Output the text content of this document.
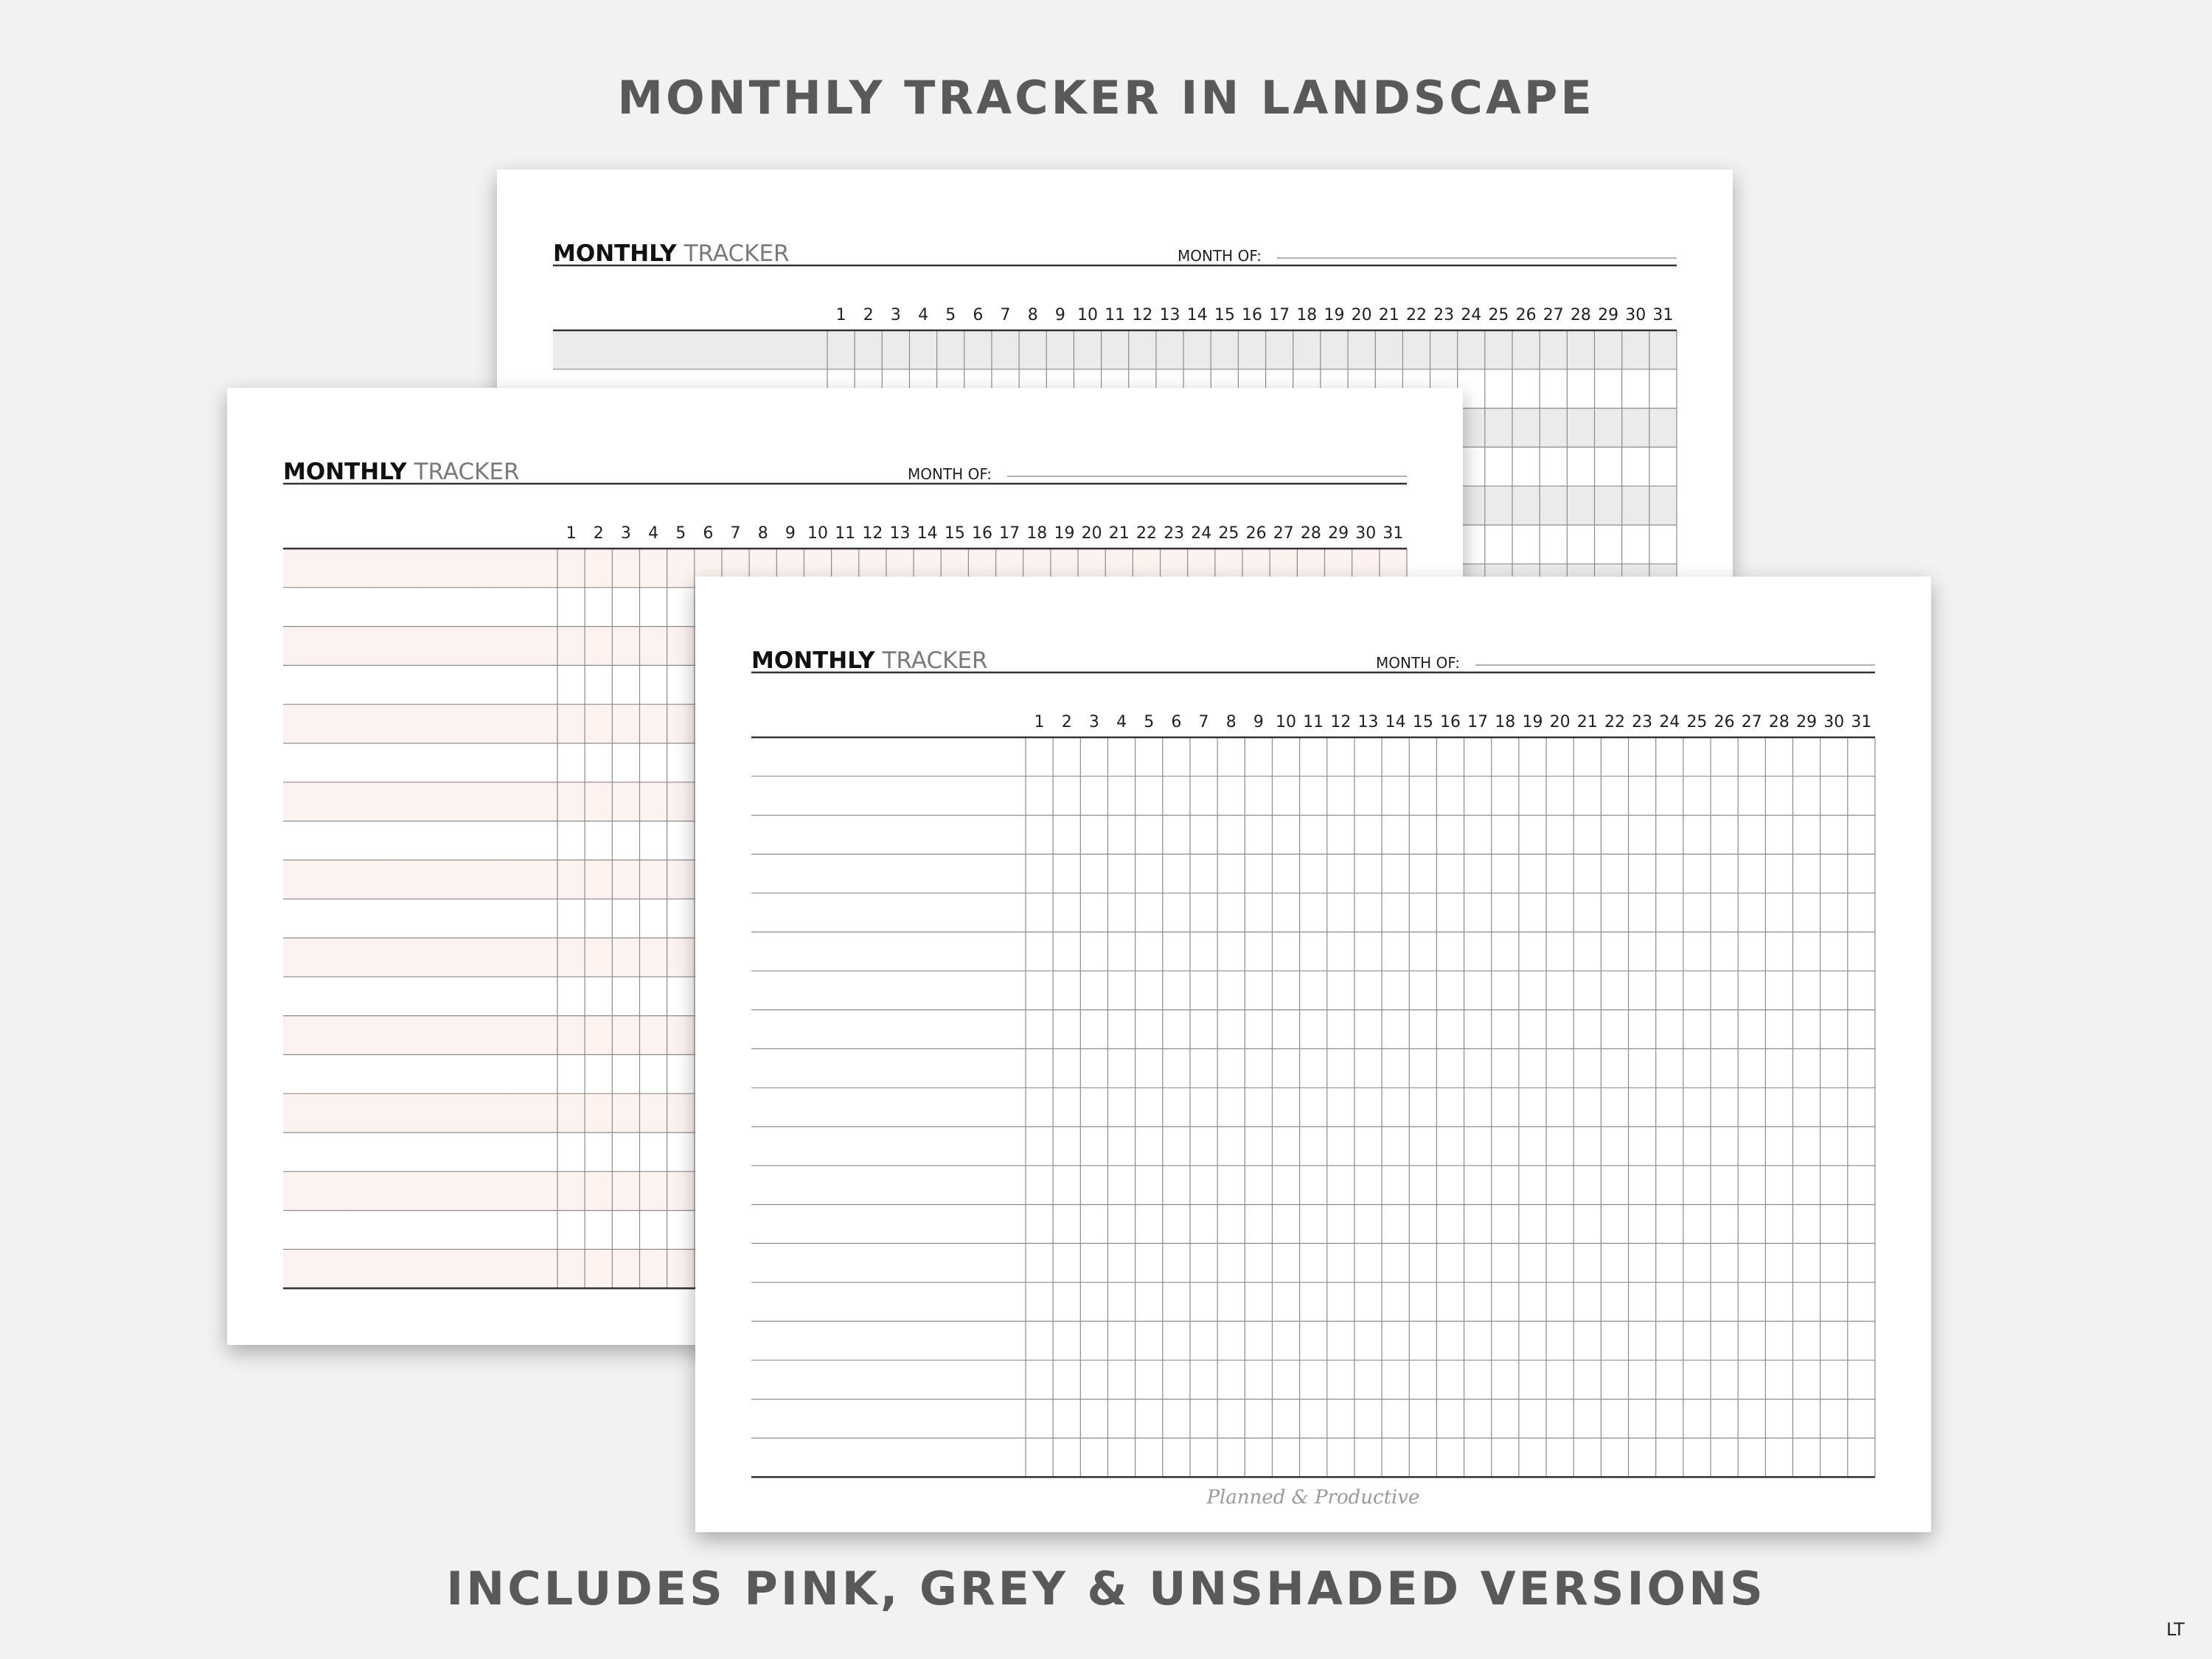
MONTHLY TRACKER IN LANDSCAPE
MONTHLY TRACKER	MONTH OF:
1 2 3 4 5 6 7 8 9 10 11 12 13 14 15 16 17 18 19 20 21 22 23 24 25 26 27 28 29 30 31
MONTHLY TRACKER	MONTH OF:
1 2 3 4 5 6 7 8 9 10 11 12 13 14 15 16 17 18 19 20 21 22 23 24 25 26 27 28 29 30 31
MONTHLY TRACKER	MONTH OF:
1 2 3 4 5 6 7 8 9 10 11 12 13 14 15 16 17 18 19 20 21 22 23 24 25 26 27 28 29 30 31
Planned & Productive
INCLUDES PINK, GREY & UNSHADED VERSIONS
LT
